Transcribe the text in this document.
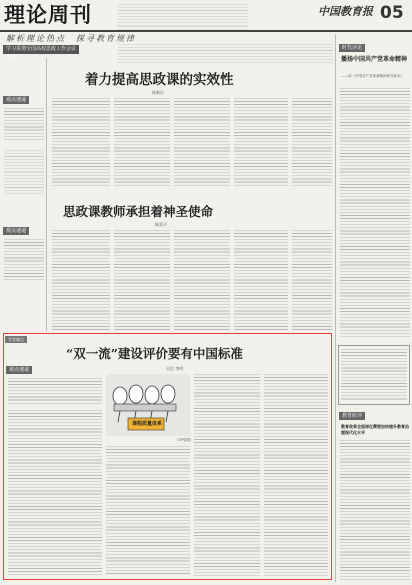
理论周刊	中国教育报 05
解析理论热点　探寻教育规律
学习贯彻全国高校思政工作会议精神
观点速递
观点速递
着力提高思政课的实效性
杨新民
思政课教师承担着神圣使命
韩喜平
时代评论
播扬中国共产党革命精神
——读《中国共产党革命精神系列读本》
教育时评
教育改革全面深化需要加快提升教育治理现代化水平
学者观点
“双一流”建设评价要有中国标准
吴岩 李明
观点速递
课程质量体系
CFP供图
